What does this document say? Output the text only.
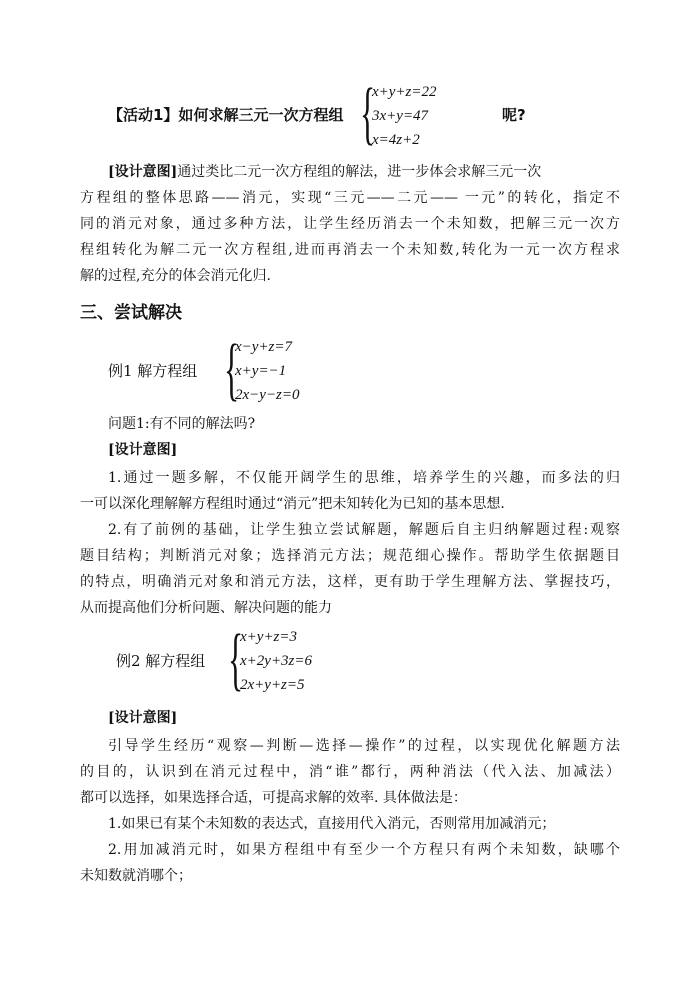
【活动1】如何求解三元一次方程组 {
x+y+z=22
3x+y=47
x=4z+2
呢?
[设计意图]通过类比二元一次方程组的解法，进一步体会求解三元一次
方程组的整体思路——消元，实现“三元——二元—— 一元”的转化，指定不
同的消元对象，通过多种方法，让学生经历消去一个未知数，把解三元一次方
程组转化为解二元一次方程组,进而再消去一个未知数,转化为一元一次方程求
解的过程,充分的体会消元化归.
三、尝试解决
例1 解方程组 {
x−y+z=7
x+y=−1
2x−y−z=0
问题1:有不同的解法吗?
[设计意图]
1.通过一题多解，不仅能开阔学生的思维，培养学生的兴趣，而多法的归
一可以深化理解解方程组时通过“消元”把未知转化为已知的基本思想.
2.有了前例的基础，让学生独立尝试解题，解题后自主归纳解题过程:观察
题目结构；判断消元对象；选择消元方法；规范细心操作。帮助学生依据题目
的特点，明确消元对象和消元方法，这样，更有助于学生理解方法、掌握技巧，
从而提高他们分析问题、解决问题的能力
例2 解方程组 {
x+y+z=3
x+2y+3z=6
2x+y+z=5
[设计意图]
引导学生经历“观察—判断—选择—操作”的过程，以实现优化解题方法
的目的，认识到在消元过程中，消“谁”都行，两种消法（代入法、加减法）
都可以选择，如果选择合适，可提高求解的效率. 具体做法是：
1.如果已有某个未知数的表达式，直接用代入消元，否则常用加减消元；
2.用加减消元时，如果方程组中有至少一个方程只有两个未知数，缺哪个
未知数就消哪个；
